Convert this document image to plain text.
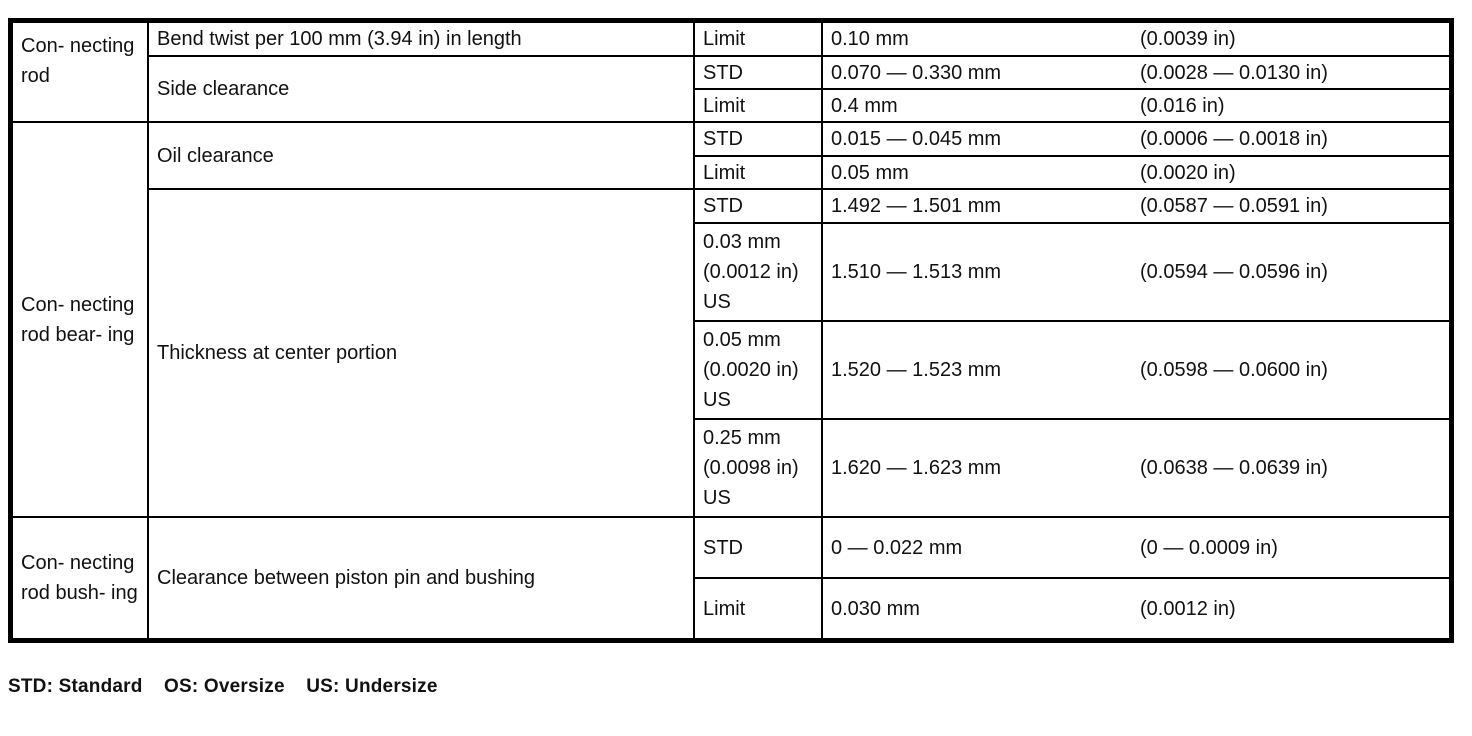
Con- necting rod	Bend twist per 100 mm (3.94 in) in length	Limit	0.10 mm	(0.0039 in)
	Side clearance	STD	0.070 — 0.330 mm	(0.0028 — 0.0130 in)
		Limit	0.4 mm	(0.016 in)
Con- necting rod bear- ing	Oil clearance	STD	0.015 — 0.045 mm	(0.0006 — 0.0018 in)
		Limit	0.05 mm	(0.0020 in)
	Thickness at center portion	STD	1.492 — 1.501 mm	(0.0587 — 0.0591 in)
		0.03 mm (0.0012 in) US	1.510 — 1.513 mm	(0.0594 — 0.0596 in)
		0.05 mm (0.0020 in) US	1.520 — 1.523 mm	(0.0598 — 0.0600 in)
		0.25 mm (0.0098 in) US	1.620 — 1.623 mm	(0.0638 — 0.0639 in)
Con- necting rod bush- ing	Clearance between piston pin and bushing	STD	0 — 0.022 mm	(0 — 0.0009 in)
		Limit	0.030 mm	(0.0012 in)
STD: Standard OS: Oversize US: Undersize
